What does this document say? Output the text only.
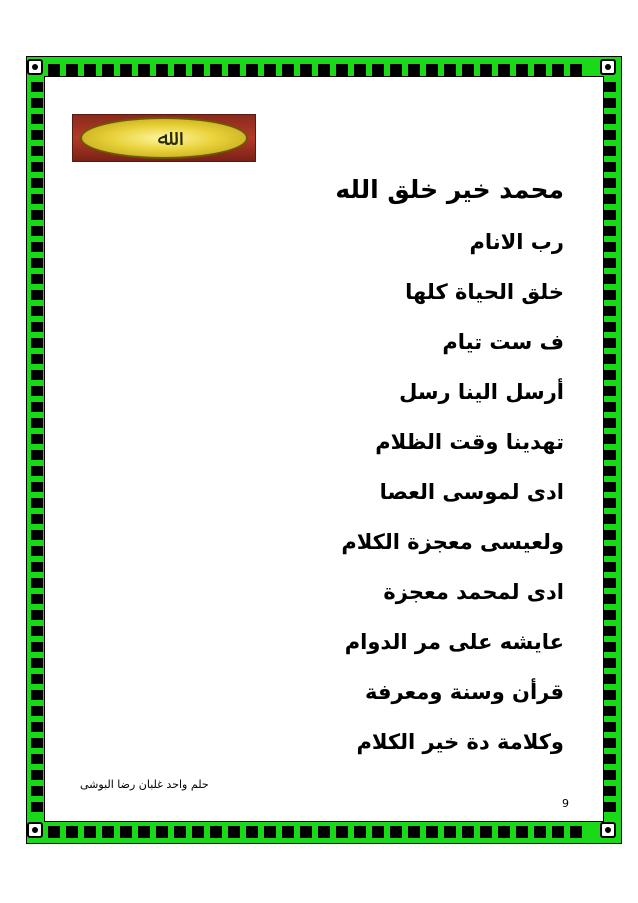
ﷲ
محمد خير خلق الله
رب الانام
خلق الحياة كلها
ف ست تيام
أرسل الينا رسل
تهدينا وقت الظلام
ادى لموسى العصا
ولعيسى معجزة الكلام
ادى لمحمد معجزة
عايشه على مر الدوام
قرأن وسنة ومعرفة
وكلامة دة خير الكلام
حلم واحد غلبان رضا البوشى
9
